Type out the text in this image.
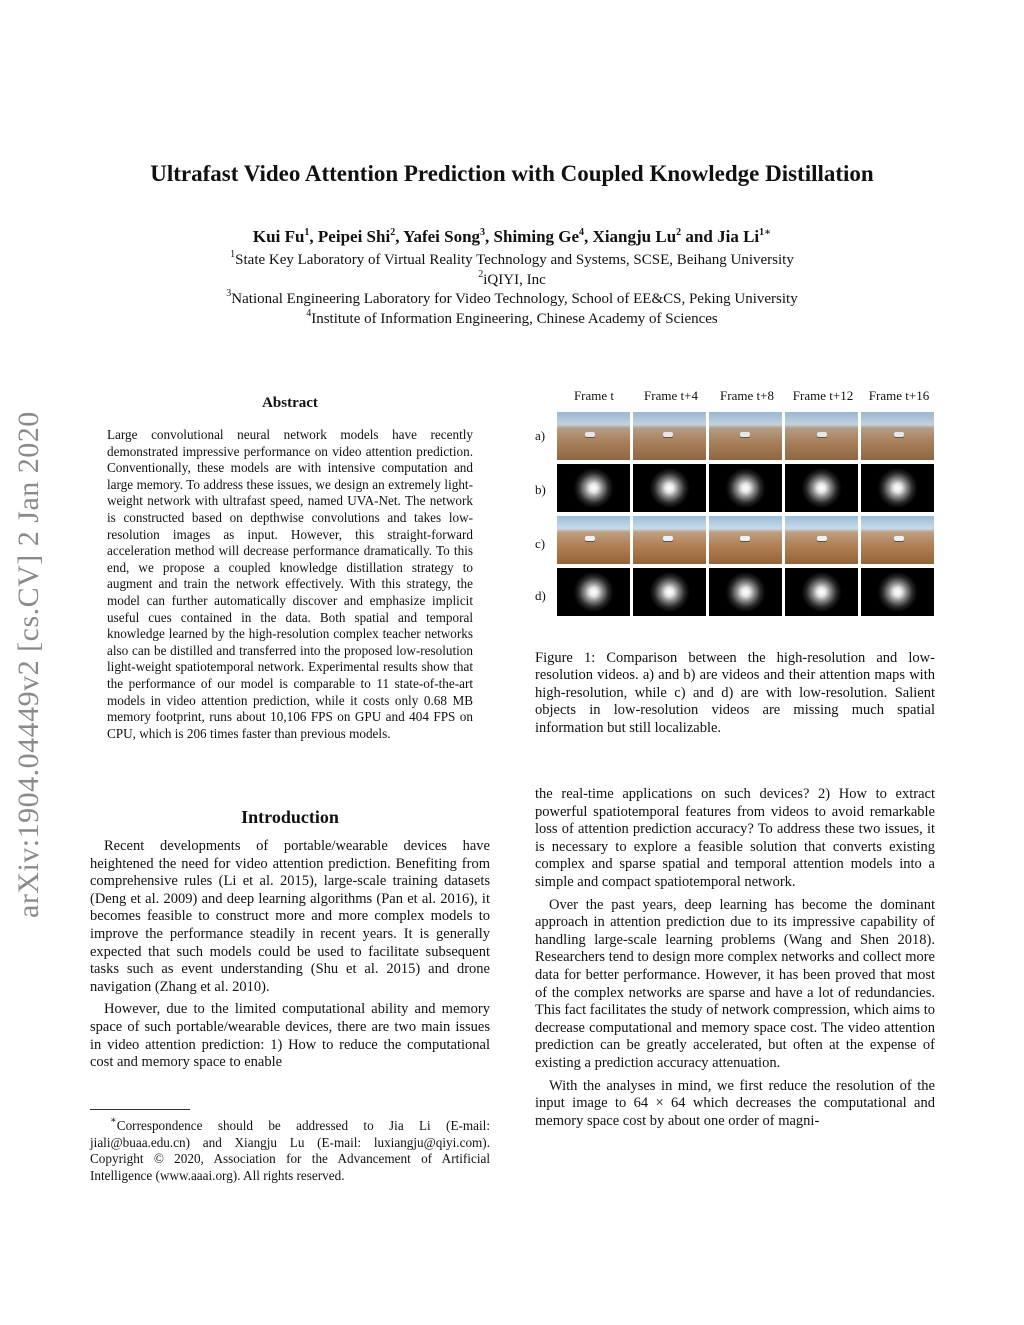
arXiv:1904.04449v2 [cs.CV] 2 Jan 2020
Ultrafast Video Attention Prediction with Coupled Knowledge Distillation
Kui Fu$^1$, Peipei Shi$^2$, Yafei Song$^3$, Shiming Ge$^4$, Xiangju Lu$^2$ and Jia $Li^{1∗}$
$^1$State Key Laboratory of Virtual Reality Technology and Systems, SCSE, Beihang University
$^2$iQIYI, Inc
$^3$National Engineering Laboratory for Video Technology, School of EE&CS, Peking University
$^4$Institute of Information Engineering, Chinese Academy of Sciences
Abstract
Large convolutional neural network models have recently demonstrated impressive performance on video attention prediction. Conventionally, these models are with intensive computation and large memory. To address these issues, we design an extremely light-weight network with ultrafast speed, named UVA-Net. The network is constructed based on depthwise convolutions and takes low-resolution images as input. However, this straight-forward acceleration method will decrease performance dramatically. To this end, we propose a coupled knowledge distillation strategy to augment and train the network effectively. With this strategy, the model can further automatically discover and emphasize implicit useful cues contained in the data. Both spatial and temporal knowledge learned by the high-resolution complex teacher networks also can be distilled and transferred into the proposed low-resolution light-weight spatiotemporal network. Experimental results show that the performance of our model is comparable to 11 state-of-the-art models in video attention prediction, while it costs only 0.68 MB memory footprint, runs about 10,106 FPS on GPU and 404 FPS on CPU, which is 206 times faster than previous models.
Introduction

Recent developments of portable/wearable devices have heightened the need for video attention prediction. Benefiting from comprehensive rules (Li et al. 2015), large-scale training datasets (Deng et al. 2009) and deep learning algorithms (Pan et al. 2016), it becomes feasible to construct more and more complex models to improve the performance steadily in recent years. It is generally expected that such models could be used to facilitate subsequent tasks such as event understanding (Shu et al. 2015) and drone navigation (Zhang et al. 2010).

However, due to the limited computational ability and memory space of such portable/wearable devices, there are two main issues in video attention prediction: 1) How to reduce the computational cost and memory space to enable

∗Correspondence should be addressed to Jia Li (E-mail: jiali@buaa.edu.cn) and Xiangju Lu (E-mail: luxiangju@qiyi.com). Copyright © 2020, Association for the Advancement of Artificial Intelligence (www.aaai.org). All rights reserved.
Frame t	Frame t+4	Frame t+8	Frame t+12	Frame t+16
a)
b)
c)
d)
Figure 1: Comparison between the high-resolution and low-resolution videos. a) and b) are videos and their attention maps with high-resolution, while c) and d) are with low-resolution. Salient objects in low-resolution videos are missing much spatial information but still localizable.

the real-time applications on such devices? 2) How to extract powerful spatiotemporal features from videos to avoid remarkable loss of attention prediction accuracy? To address these two issues, it is necessary to explore a feasible solution that converts existing complex and sparse spatial and temporal attention models into a simple and compact spatiotemporal network.

Over the past years, deep learning has become the dominant approach in attention prediction due to its impressive capability of handling large-scale learning problems (Wang and Shen 2018). Researchers tend to design more complex networks and collect more data for better performance. However, it has been proved that most of the complex networks are sparse and have a lot of redundancies. This fact facilitates the study of network compression, which aims to decrease computational and memory space cost. The video attention prediction can be greatly accelerated, but often at the expense of existing a prediction accuracy attenuation.

With the analyses in mind, we first reduce the resolution of the input image to 64 × 64 which decreases the computational and memory space cost by about one order of magni-
